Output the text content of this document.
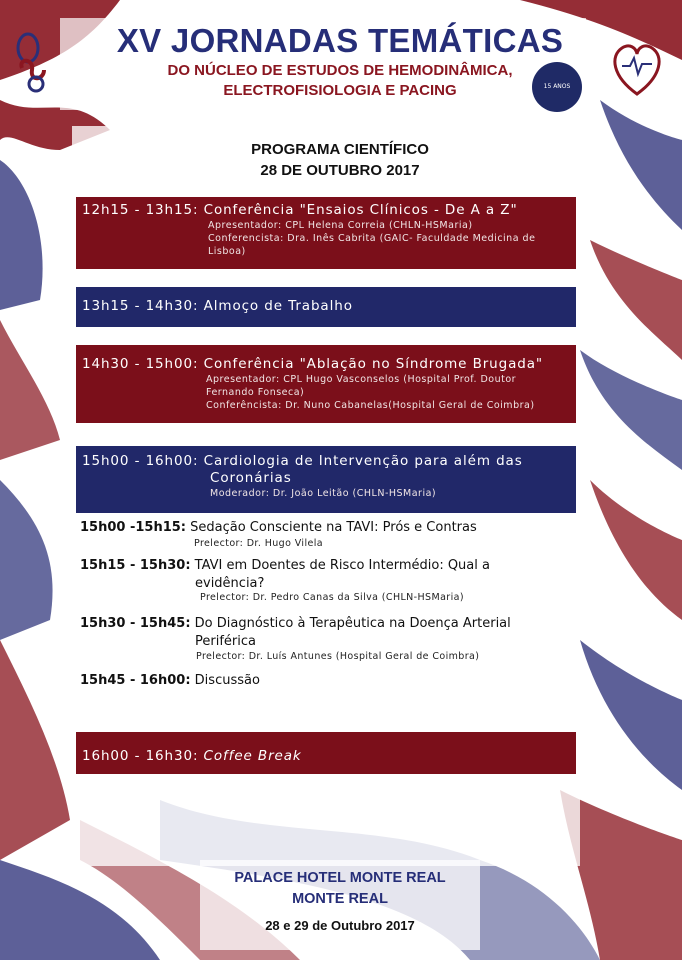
15 ANOS
XV JORNADAS TEMÁTICAS
DO NÚCLEO DE ESTUDOS DE HEMODINÂMICA,
ELECTROFISIOLOGIA E PACING
PROGRAMA CIENTÍFICO
28 DE OUTUBRO 2017
12h15 - 13h15: Conferência "Ensaios Clínicos - De A a Z"
Apresentador: CPL Helena Correia (CHLN-HSMaria)
Conferencista: Dra. Inês Cabrita (GAIC- Faculdade Medicina de
Lisboa)
13h15 - 14h30: Almoço de Trabalho
14h30 - 15h00: Conferência "Ablação no Síndrome Brugada"
Apresentador: CPL Hugo Vasconselos (Hospital Prof. Doutor
Fernando Fonseca)
Conferêncista: Dr. Nuno Cabanelas(Hospital Geral de Coimbra)
15h00 - 16h00: Cardiologia de Intervenção para além das
Coronárias
Moderador: Dr. João Leitão (CHLN-HSMaria)
15h00 -15h15: Sedação Consciente na TAVI: Prós e Contras
Prelector: Dr. Hugo Vilela
15h15 - 15h30: TAVI em Doentes de Risco Intermédio: Qual a
evidência?
Prelector: Dr. Pedro Canas da Silva (CHLN-HSMaria)
15h30 - 15h45: Do Diagnóstico à Terapêutica na Doença Arterial
Periférica
Prelector: Dr. Luís Antunes (Hospital Geral de Coimbra)
15h45 - 16h00: Discussão
16h00 - 16h30: Coffee Break
PALACE HOTEL MONTE REAL
MONTE REAL
28 e 29 de Outubro 2017
